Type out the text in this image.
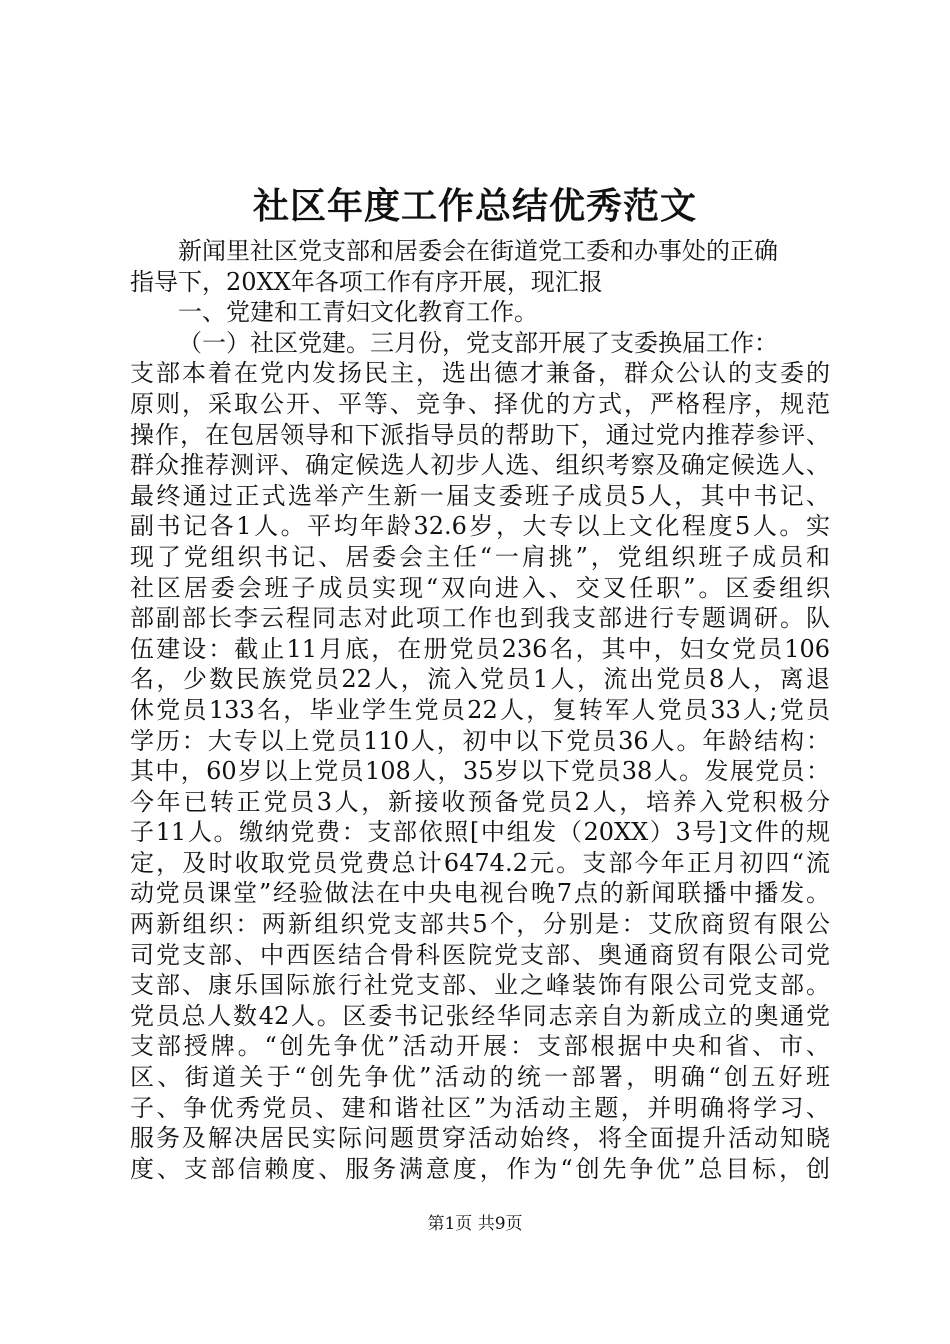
社区年度工作总结优秀范文
新闻里社区党支部和居委会在街道党工委和办事处的正确
指导下，20XX年各项工作有序开展，现汇报
一、党建和工青妇文化教育工作。
（一）社区党建。三月份，党支部开展了支委换届工作：
支部本着在党内发扬民主，选出德才兼备，群众公认的支委的
原则，采取公开、平等、竞争、择优的方式，严格程序，规范
操作，在包居领导和下派指导员的帮助下，通过党内推荐参评、
群众推荐测评、确定候选人初步人选、组织考察及确定候选人、
最终通过正式选举产生新一届支委班子成员5人，其中书记、
副书记各1人。平均年龄32.6岁，大专以上文化程度5人。实
现了党组织书记、居委会主任“一肩挑”，党组织班子成员和
社区居委会班子成员实现“双向进入、交叉任职”。区委组织
部副部长李云程同志对此项工作也到我支部进行专题调研。队
伍建设：截止11月底，在册党员236名，其中，妇女党员106
名，少数民族党员22人，流入党员1人，流出党员8人，离退
休党员133名，毕业学生党员22人，复转军人党员33人;党员
学历：大专以上党员110人，初中以下党员36人。年龄结构：
其中，60岁以上党员108人，35岁以下党员38人。发展党员：
今年已转正党员3人，新接收预备党员2人，培养入党积极分
子11人。缴纳党费：支部依照[中组发（20XX）3号]文件的规
定，及时收取党员党费总计6474.2元。支部今年正月初四“流
动党员课堂”经验做法在中央电视台晚7点的新闻联播中播发。
两新组织：两新组织党支部共5个，分别是：艾欣商贸有限公
司党支部、中西医结合骨科医院党支部、奥通商贸有限公司党
支部、康乐国际旅行社党支部、业之峰装饰有限公司党支部。
党员总人数42人。区委书记张经华同志亲自为新成立的奥通党
支部授牌。“创先争优”活动开展：支部根据中央和省、市、
区、街道关于“创先争优”活动的统一部署，明确“创五好班
子、争优秀党员、建和谐社区”为活动主题，并明确将学习、
服务及解决居民实际问题贯穿活动始终，将全面提升活动知晓
度、支部信赖度、服务满意度，作为“创先争优”总目标，创
第1页 共9页
